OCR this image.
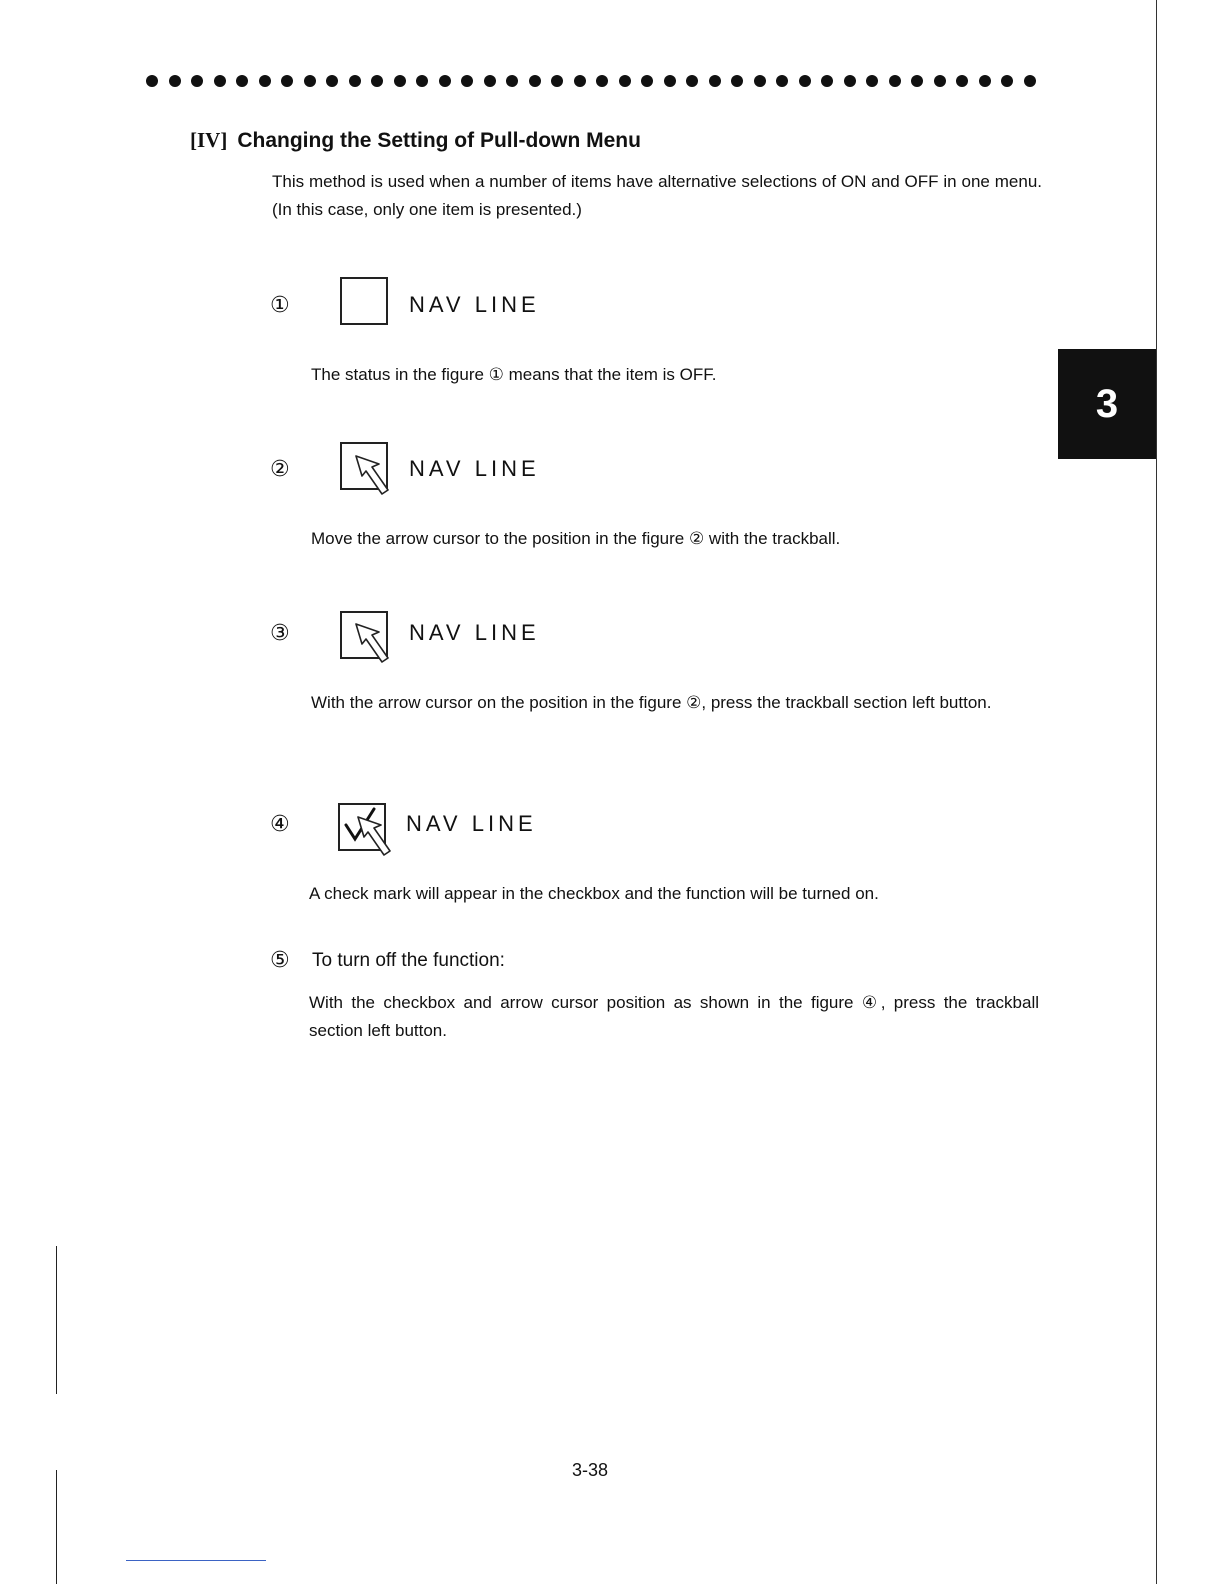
[IV] Changing the Setting of Pull-down Menu
This method is used when a number of items have alternative selections of ON and OFF in one menu. (In this case, only one item is presented.)
3
①	NAV LINE
The status in the figure ① means that the item is OFF.
②	NAV LINE
Move the arrow cursor to the position in the figure ② with the trackball.
③	NAV LINE
With the arrow cursor on the position in the figure ②, press the trackball section left button.
④	NAV LINE
A check mark will appear in the checkbox and the function will be turned on.
⑤ To turn off the function:
With the checkbox and arrow cursor position as shown in the figure ④, press the trackball section left button.
3-38
